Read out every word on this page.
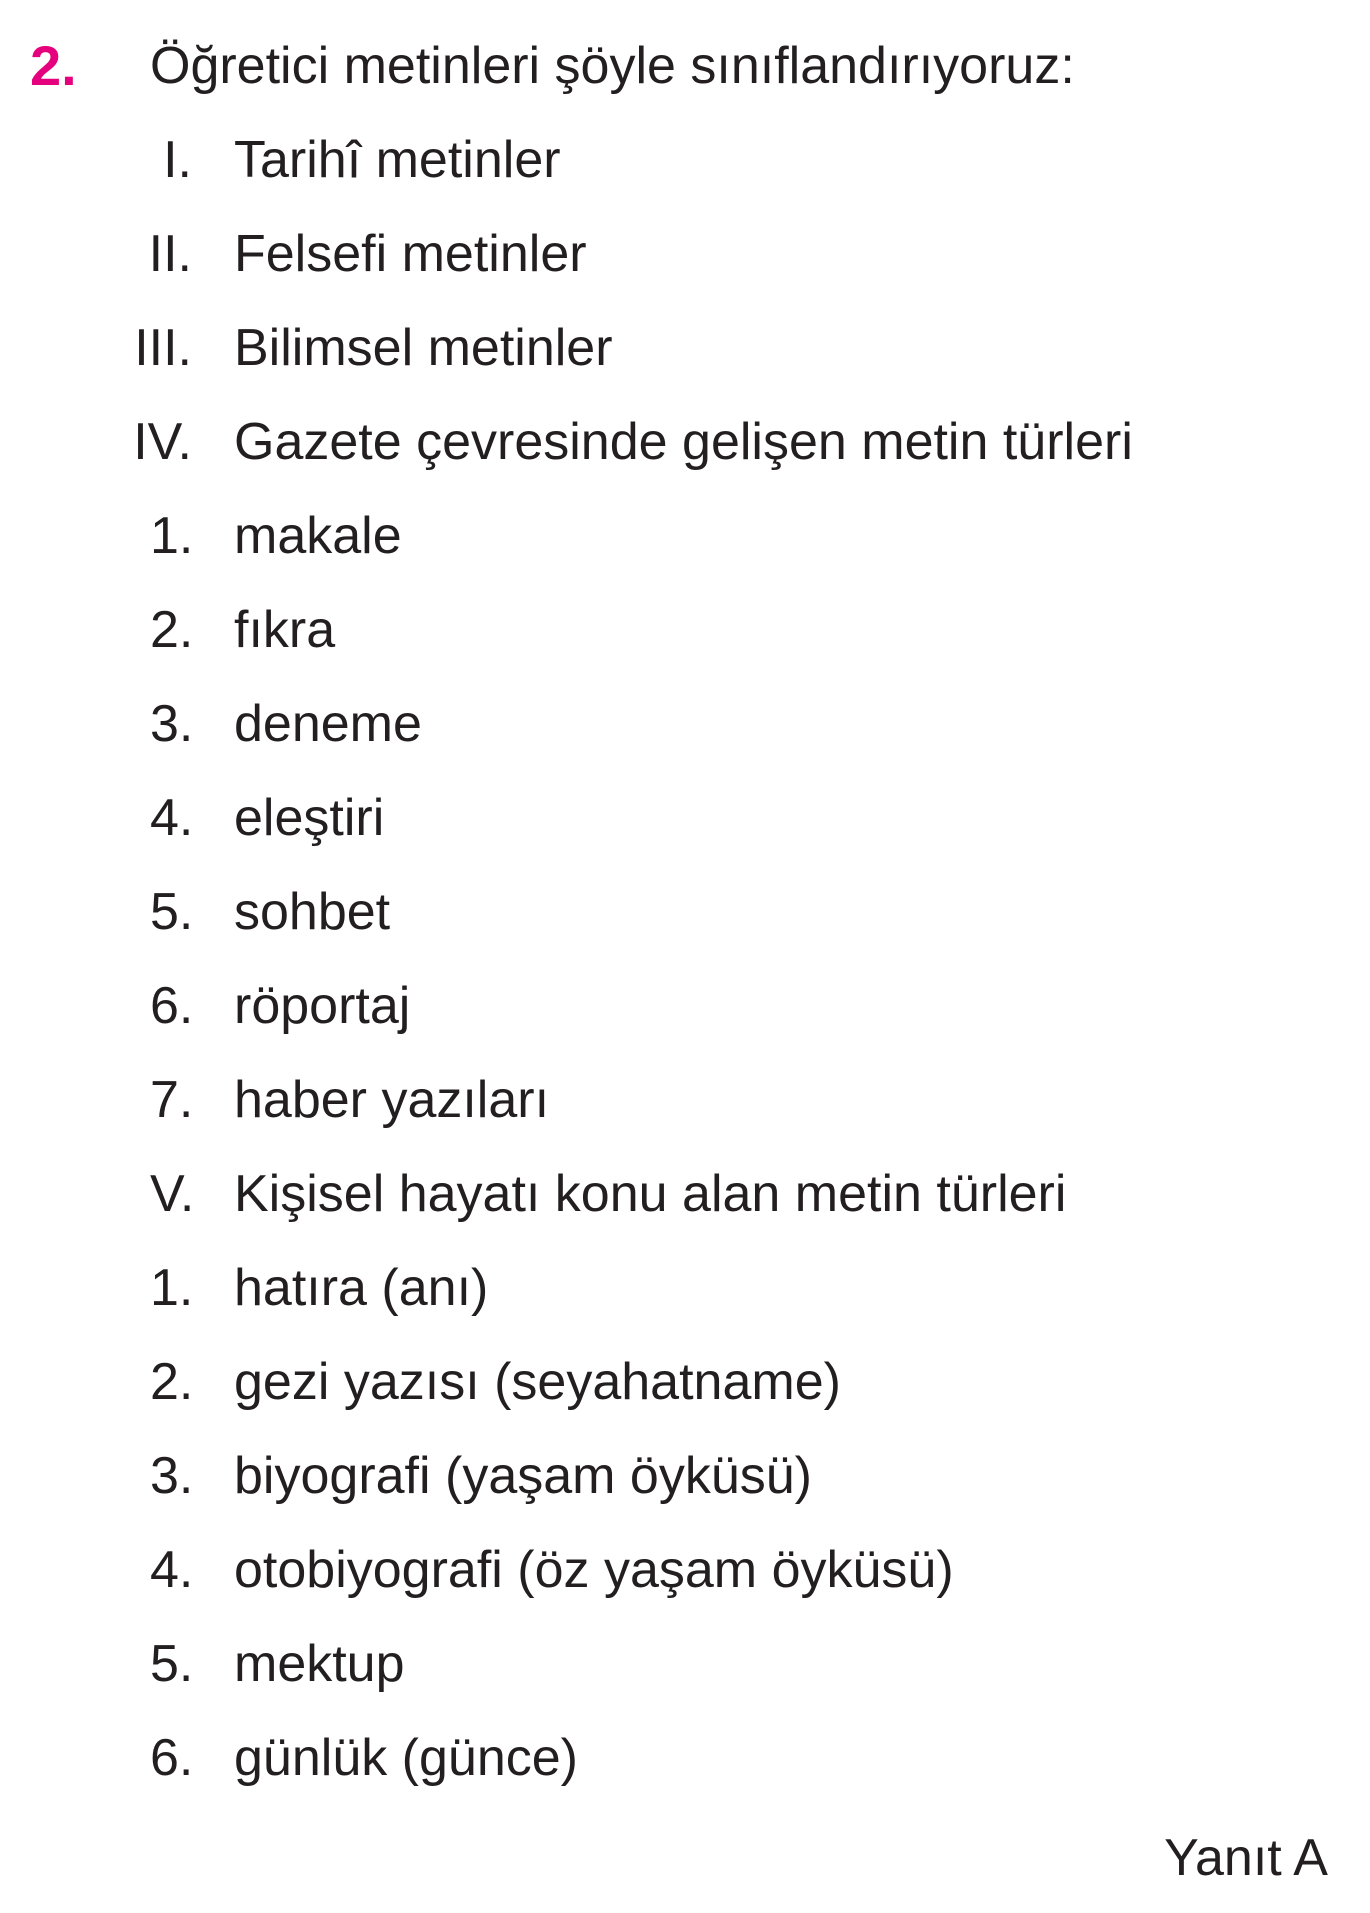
2. Öğretici metinleri şöyle sınıflandırıyoruz:
I. Tarihî metinler
II. Felsefi metinler
III. Bilimsel metinler
IV. Gazete çevresinde gelişen metin türleri
1. makale
2. fıkra
3. deneme
4. eleştiri
5. sohbet
6. röportaj
7. haber yazıları
V. Kişisel hayatı konu alan metin türleri
1. hatıra (anı)
2. gezi yazısı (seyahatname)
3. biyografi (yaşam öyküsü)
4. otobiyografi (öz yaşam öyküsü)
5. mektup
6. günlük (günce)
Yanıt A
